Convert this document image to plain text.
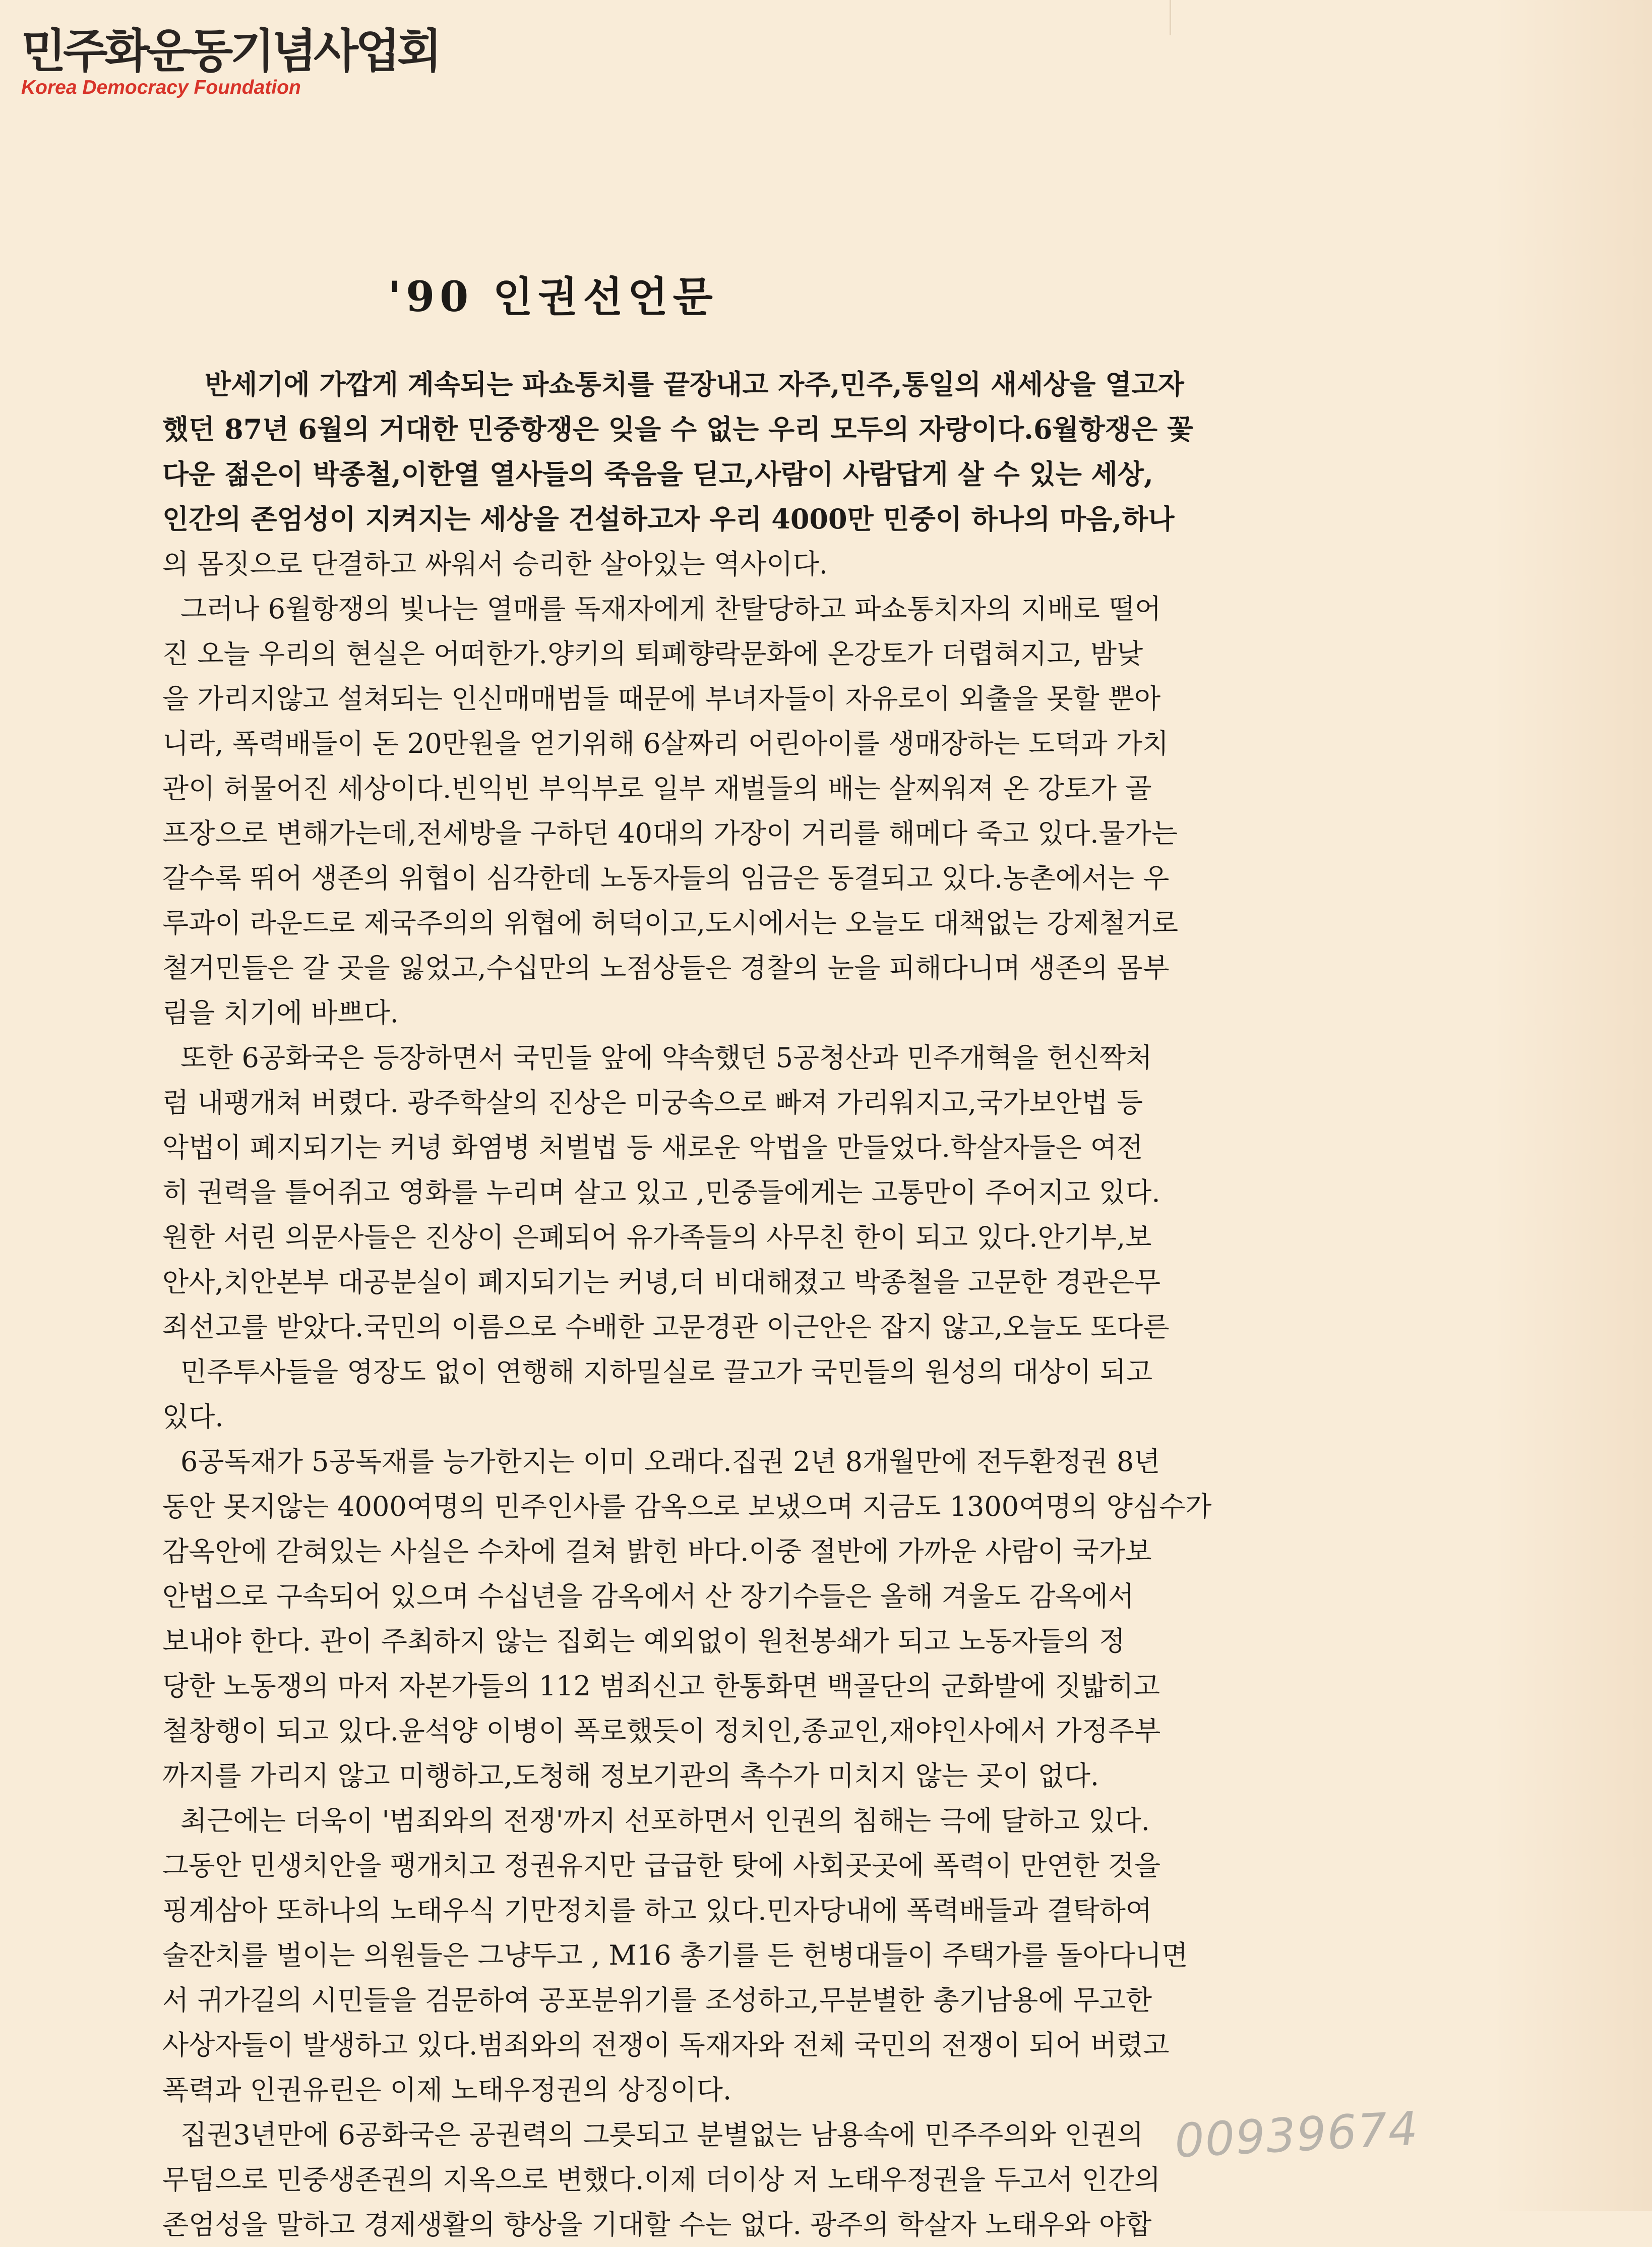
민주화운동기념사업회
Korea Democracy Foundation
'90 인권선언문
반세기에 가깝게 계속되는 파쇼통치를 끝장내고 자주,민주,통일의 새세상을 열고자
했던 87년 6월의 거대한 민중항쟁은 잊을 수 없는 우리 모두의 자랑이다.6월항쟁은 꽃
다운 젊은이 박종철,이한열 열사들의 죽음을 딛고,사람이 사람답게 살 수 있는 세상,
인간의 존엄성이 지켜지는 세상을 건설하고자 우리 4000만 민중이 하나의 마음,하나
의 몸짓으로 단결하고 싸워서 승리한 살아있는 역사이다.
그러나 6월항쟁의 빛나는 열매를 독재자에게 찬탈당하고 파쇼통치자의 지배로 떨어
진 오늘 우리의 현실은 어떠한가.양키의 퇴폐향락문화에 온강토가 더렵혀지고, 밤낮
을 가리지않고 설쳐되는 인신매매범들 때문에 부녀자들이 자유로이 외출을 못할 뿐아
니라, 폭력배들이 돈 20만원을 얻기위해 6살짜리 어린아이를 생매장하는 도덕과 가치
관이 허물어진 세상이다.빈익빈 부익부로 일부 재벌들의 배는 살찌워져 온 강토가 골
프장으로 변해가는데,전세방을 구하던 40대의 가장이 거리를 해메다 죽고 있다.물가는
갈수록 뛰어 생존의 위협이 심각한데 노동자들의 임금은 동결되고 있다.농촌에서는 우
루과이 라운드로 제국주의의 위협에 허덕이고,도시에서는 오늘도 대책없는 강제철거로
철거민들은 갈 곳을 잃었고,수십만의 노점상들은 경찰의 눈을 피해다니며 생존의 몸부
림을 치기에 바쁘다.
또한 6공화국은 등장하면서 국민들 앞에 약속했던 5공청산과 민주개혁을 헌신짝처
럼 내팽개쳐 버렸다. 광주학살의 진상은 미궁속으로 빠져 가리워지고,국가보안법 등
악법이 폐지되기는 커녕 화염병 처벌법 등 새로운 악법을 만들었다.학살자들은 여전
히 권력을 틀어쥐고 영화를 누리며 살고 있고 ,민중들에게는 고통만이 주어지고 있다.
원한 서린 의문사들은 진상이 은폐되어 유가족들의 사무친 한이 되고 있다.안기부,보
안사,치안본부 대공분실이 폐지되기는 커녕,더 비대해졌고 박종철을 고문한 경관은무
죄선고를 받았다.국민의 이름으로 수배한 고문경관 이근안은 잡지 않고,오늘도 또다른
민주투사들을 영장도 없이 연행해 지하밀실로 끌고가 국민들의 원성의 대상이 되고
있다.
6공독재가 5공독재를 능가한지는 이미 오래다.집권 2년 8개월만에 전두환정권 8년
동안 못지않는 4000여명의 민주인사를 감옥으로 보냈으며 지금도 1300여명의 양심수가
감옥안에 갇혀있는 사실은 수차에 걸쳐 밝힌 바다.이중 절반에 가까운 사람이 국가보
안법으로 구속되어 있으며 수십년을 감옥에서 산 장기수들은 올해 겨울도 감옥에서
보내야 한다. 관이 주최하지 않는 집회는 예외없이 원천봉쇄가 되고 노동자들의 정
당한 노동쟁의 마저 자본가들의 112 범죄신고 한통화면 백골단의 군화발에 짓밟히고
철창행이 되고 있다.윤석양 이병이 폭로했듯이 정치인,종교인,재야인사에서 가정주부
까지를 가리지 않고 미행하고,도청해 정보기관의 촉수가 미치지 않는 곳이 없다.
최근에는 더욱이 '범죄와의 전쟁'까지 선포하면서 인권의 침해는 극에 달하고 있다.
그동안 민생치안을 팽개치고 정권유지만 급급한 탓에 사회곳곳에 폭력이 만연한 것을
핑계삼아 또하나의 노태우식 기만정치를 하고 있다.민자당내에 폭력배들과 결탁하여
술잔치를 벌이는 의원들은 그냥두고 , M16 총기를 든 헌병대들이 주택가를 돌아다니면
서 귀가길의 시민들을 검문하여 공포분위기를 조성하고,무분별한 총기남용에 무고한
사상자들이 발생하고 있다.범죄와의 전쟁이 독재자와 전체 국민의 전쟁이 되어 버렸고
폭력과 인권유린은 이제 노태우정권의 상징이다.
집권3년만에 6공화국은 공권력의 그릇되고 분별없는 남용속에 민주주의와 인권의
무덤으로 민중생존권의 지옥으로 변했다.이제 더이상 저 노태우정권을 두고서 인간의
존엄성을 말하고 경제생활의 향상을 기대할 수는 없다. 광주의 학살자 노태우와 야합
00939674
